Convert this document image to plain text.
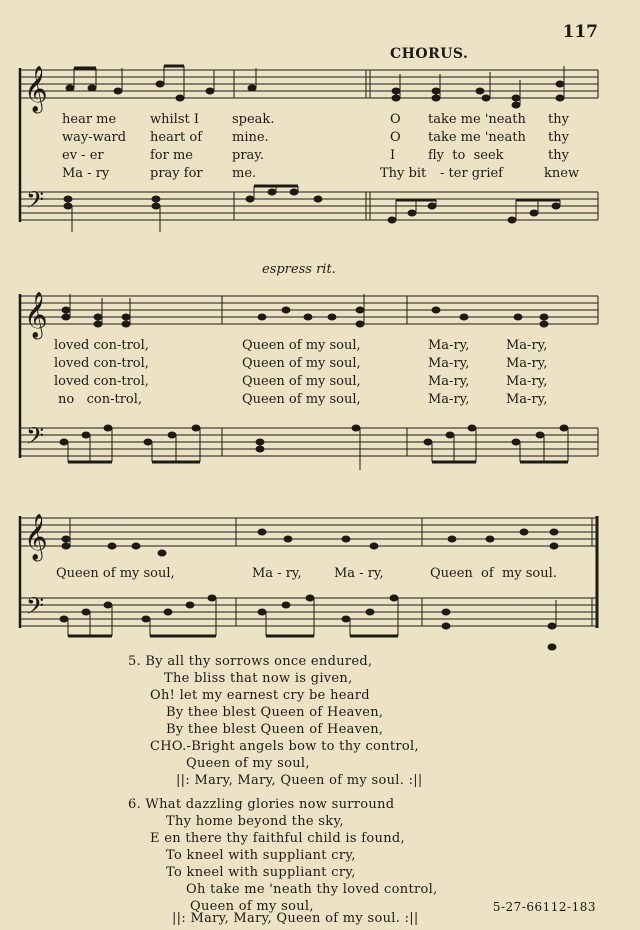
117
CHORUS.
espress rit.
𝄞
𝄢
𝄞
𝄢
𝄞
𝄢
hear me	whilst I	speak.	O take me 'neath thy
way-ward heart of mine.	O take me 'neath thy
ev - er	for me	pray.	I	fly  to  seek	thy
Ma - ry	pray for me.	Thy bit - ter grief	knew
loved con-trol,	Queen of my soul,	Ma-ry,	Ma-ry,
loved con-trol,	Queen of my soul,	Ma-ry,	Ma-ry,
loved con-trol,	Queen of my soul,	Ma-ry,	Ma-ry,
no   con-trol,	Queen of my soul,	Ma-ry,	Ma-ry,
Queen of my soul,	Ma - ry, Ma - ry,	Queen  of  my soul.
5. By all thy sorrows once endured,
The bliss that now is given,
Oh! let my earnest cry be heard
By thee blest Queen of Heaven,
By thee blest Queen of Heaven,
CHO.-Bright angels bow to thy control,
Queen of my soul,
||: Mary, Mary, Queen of my soul. :||
6. What dazzling glories now surround
Thy home beyond the sky,
E en there thy faithful child is found,
To kneel with suppliant cry,
To kneel with suppliant cry,
Oh take me 'neath thy loved control,
Queen of my soul,
||: Mary, Mary, Queen of my soul. :||
5-27-66112-183
